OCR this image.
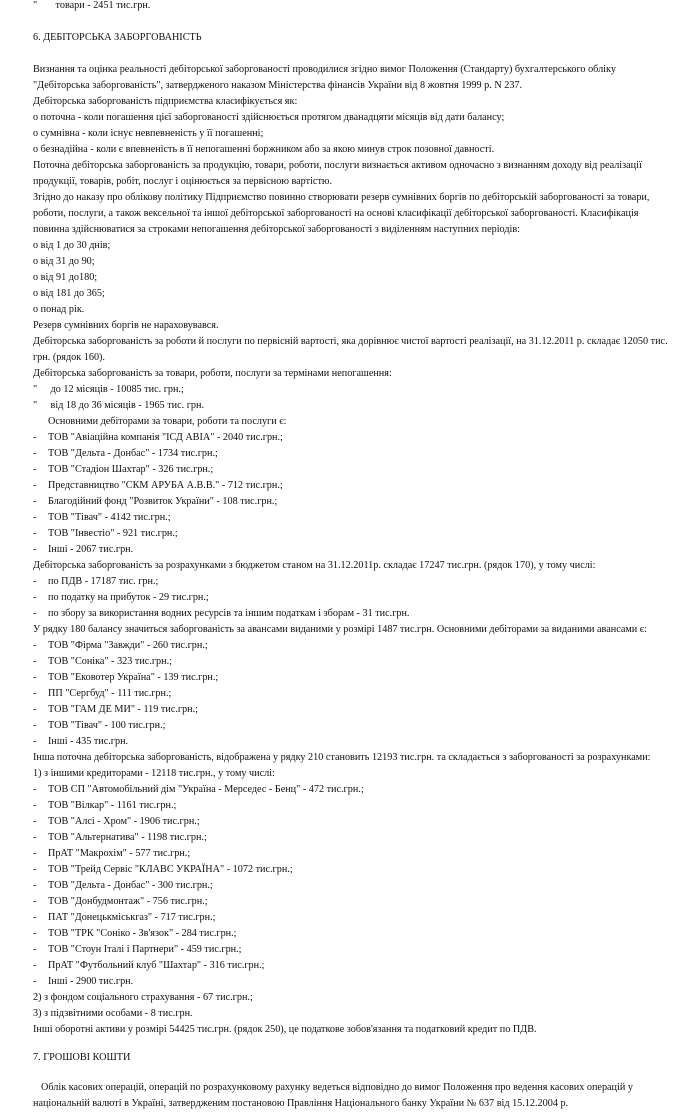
" товари - 2451 тис.грн.
6. ДЕБІТОРСЬКА ЗАБОРГОВАНІСТЬ
Визнання та оцінка реальності дебіторської заборгованості проводилися згідно вимог Положення (Стандарту) бухгалтерського обліку
"Дебіторська заборгованість", затвердженого наказом Міністерства фінансів України від 8 жовтня 1999 р. N 237.
Дебіторська заборгованість підприємства класифікується як:
о поточна - коли погашення цієї заборгованості здійснюється протягом дванадцяти місяців від дати балансу;
о сумнівна - коли існує невпевненість у її погашенні;
о безнадійна - коли є впевненість в її непогашенні боржником або за якою минув строк позовної давності.
Поточна дебіторська заборгованість за продукцію, товари, роботи, послуги визнається активом одночасно з визнанням доходу від реалізації
продукції, товарів, робіт, послуг і оцінюється за первісною вартістю.
Згідно до наказу про облікову політику Підприємство повинно створювати резерв сумнівних боргів по дебіторській заборгованості за товари,
роботи, послуги, а також вексельної та іншої дебіторської заборгованості на основі класифікації дебіторської заборгованості. Класифікація
повинна здійснюватися за строками непогашення дебіторської заборгованості з виділенням наступних періодів:
о від 1 до 30 днів;
о від 31 до 90;
о від 91 до180;
о від 181 до 365;
о понад рік.
Резерв сумнівних боргів не нараховувався.
Дебіторська заборгованість за роботи й послуги по первісній вартості, яка дорівнює чистої вартості реалізації, на 31.12.2011 р. складає 12050 тис.
грн. (рядок 160).
Дебіторська заборгованість за товари, роботи, послуги за термінами непогашення:
" до 12 місяців - 10085 тис. грн.;
" від 18 до 36 місяців - 1965 тис. грн.
Основними дебіторами за товари, роботи та послуги є:
- ТОВ "Авіаційна компанія "ІСД АВІА" - 2040 тис.грн.;
- ТОВ "Дельта - Донбас" - 1734 тис.грн.;
- ТОВ "Стадіон Шахтар" - 326 тис.грн.;
- Представництво "СКМ АРУБА А.В.В." - 712 тис.грн.;
- Благодійний фонд "Розвиток України" - 108 тис.грн.;
- ТОВ "Тівач" - 4142 тис.грн.;
- ТОВ "Інвестіо" - 921 тис.грн.;
- Інші - 2067 тис.грн.
Дебіторська заборгованість за розрахунками з бюджетом станом на 31.12.2011р. складає 17247 тис.грн. (рядок 170), у тому числі:
- по ПДВ - 17187 тис. грн.;
- по податку на прибуток - 29 тис.грн.;
- по збору за використання водних ресурсів та іншим податкам і зборам - 31 тис.грн.
У рядку 180 балансу значиться заборгованість за авансами виданими у розмірі 1487 тис.грн. Основними дебіторами за виданими авансами є:
- ТОВ "Фірма "Завжди" - 260 тис.грн.;
- ТОВ "Соніка" - 323 тис.грн.;
- ТОВ "Ековотер Україна" - 139 тис.грн.;
- ПП "Сергбуд" - 111 тис.грн.;
- ТОВ "ГАМ ДЕ МИ" - 119 тис.грн.;
- ТОВ "Тівач" - 100 тис.грн.;
- Інші - 435 тис.грн.
Інша поточна дебіторська заборгованість, відображена у рядку 210 становить 12193 тис.грн. та складається з заборгованості за розрахунками:
1) з іншими кредиторами - 12118 тис.грн., у тому числі:
- ТОВ СП "Автомобільний дім "Україна - Мерседес - Бенц" - 472 тис.грн.;
- ТОВ "Вілкар" - 1161 тис.грн.;
- ТОВ "Алсі - Хром" - 1906 тис.грн.;
- ТОВ "Альтернатива" - 1198 тис.грн.;
- ПрАТ "Макрохім" - 577 тис.грн.;
- ТОВ "Трейд Сервіс "КЛАВС УКРАЇНА" - 1072 тис.грн.;
- ТОВ "Дельта - Донбас" - 300 тис.грн.;
- ТОВ "Донбудмонтаж" - 756 тис.грн.;
- ПАТ "Донецькміськгаз" - 717 тис.грн.;
- ТОВ "ТРК "Соніко - Зв'язок" - 284 тис.грн.;
- ТОВ "Стоун Італі і Партнери" - 459 тис.грн.;
- ПрАТ "Футбольний клуб "Шахтар" - 316 тис.грн.;
- Інші - 2900 тис.грн.
2) з фондом соціального страхування - 67 тис.грн.;
3) з підзвітними особами - 8 тис.грн.
Інші оборотні активи у розмірі 54425 тис.грн. (рядок 250), це податкове зобов'язання та податковий кредит по ПДВ.
7. ГРОШОВІ КОШТИ
Облік касових операцій, операцій по розрахунковому рахунку ведеться відповідно до вимог Положення про ведення касових операцій у
національній валюті в Україні, затвердженим постановою Правління Національного банку України № 637 від 15.12.2004 р.
